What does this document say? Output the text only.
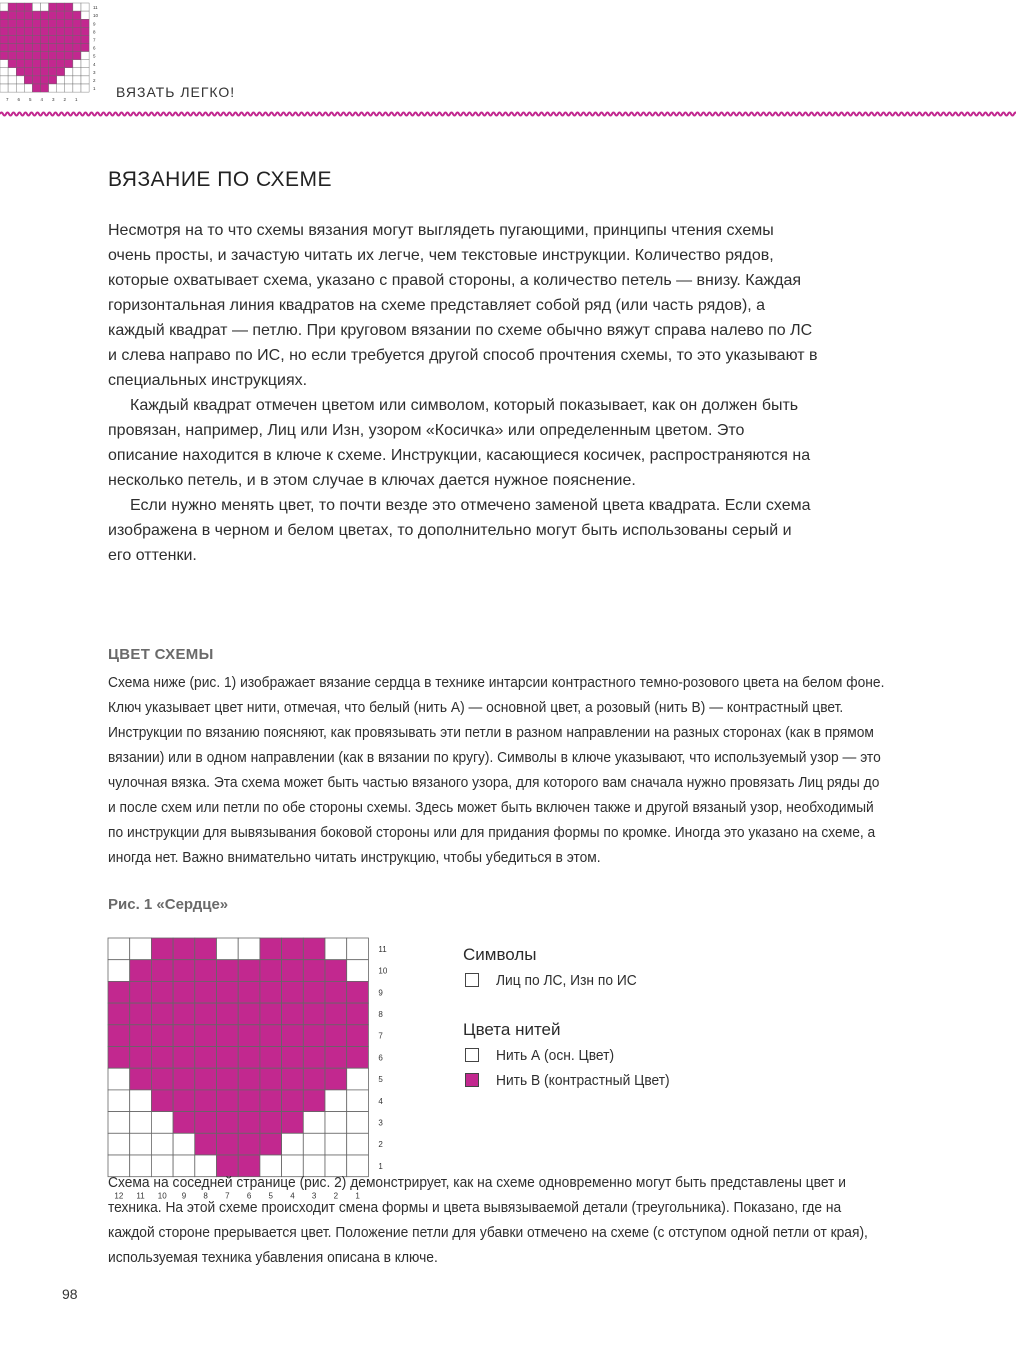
11
10
9
8
7
6
5
4
3
2
1
7 6 5 4 3 2 1	ВЯЗАТЬ ЛЕГКО!
ВЯЗАНИЕ ПО СХЕМЕ

Несмотря на то что схемы вязания могут выглядеть пугающими, принципы чтения схемы очень просты, и зачастую читать их легче, чем текстовые инструкции. Количество рядов, которые охватывает схема, указано с правой стороны, а количество петель — внизу. Каждая горизонтальная линия квадратов на схеме представляет собой ряд (или часть рядов), а каждый квадрат — петлю. При круговом вязании по схеме обычно вяжут справа налево по ЛС и слева направо по ИС, но если требуется другой способ прочтения схемы, то это указывают в специальных инструкциях.

Каждый квадрат отмечен цветом или символом, который показывает, как он должен быть провязан, например, Лиц или Изн, узором «Косичка» или определенным цветом. Это описание находится в ключе к схеме. Инструкции, касающиеся косичек, распространяются на несколько петель, и в этом случае в ключах дается нужное пояснение.

Если нужно менять цвет, то почти везде это отмечено заменой цвета квадрата. Если схема изображена в черном и белом цветах, то дополнительно могут быть использованы серый и его оттенки.

ЦВЕТ СХЕМЫ

Схема ниже (рис. 1) изображает вязание сердца в технике интарсии контрастного темно-розового цвета на белом фоне. Ключ указывает цвет нити, отмечая, что белый (нить А) — основной цвет, а розовый (нить В) — контрастный цвет. Инструкции по вязанию поясняют, как провязывать эти петли в разном направлении на разных сторонах (как в прямом вязании) или в одном направлении (как в вязании по кругу). Символы в ключе указывают, что используемый узор — это чулочная вязка. Эта схема может быть частью вязаного узора, для которого вам сначала нужно провязать Лиц ряды до и после схем или петли по обе стороны схемы. Здесь может быть включен также и другой вязаный узор, необходимый по инструкции для вывязывания боковой стороны или для придания формы по кромке. Иногда это указано на схеме, а иногда нет. Важно внимательно читать инструкцию, чтобы убедиться в этом.

Рис. 1 «Сердце»
11
10
9
8
7
6
5
4
3
2
1
12 11 10 9 8 7 6 5 4 3 2 1
Символы
Лиц по ЛС, Изн по ИС
Цвета нитей
Нить А (осн. Цвет)
Нить В (контрастный Цвет)

Схема на соседней странице (рис. 2) демонстрирует, как на схеме одновременно могут быть представлены цвет и техника. На этой схеме происходит смена формы и цвета вывязываемой детали (треугольника). Показано, где на каждой стороне прерывается цвет. Положение петли для убавки отмечено на схеме (с отступом одной петли от края), используемая техника убавления описана в ключе.

98
